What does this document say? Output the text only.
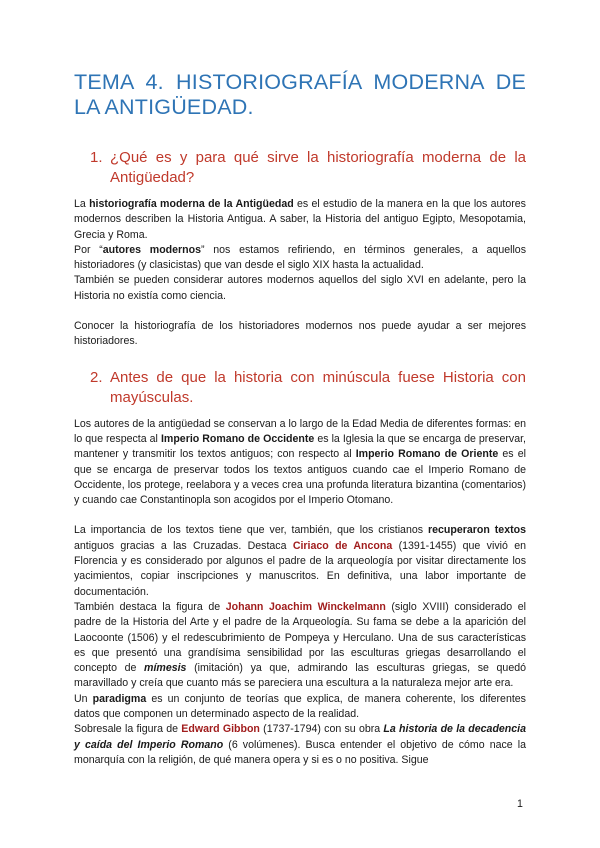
TEMA 4. HISTORIOGRAFÍA MODERNA DE LA ANTIGÜEDAD.
1. ¿Qué es y para qué sirve la historiografía moderna de la Antigüedad?

La historiografía moderna de la Antigüedad es el estudio de la manera en la que los autores modernos describen la Historia Antigua. A saber, la Historia del antiguo Egipto, Mesopotamia, Grecia y Roma.

Por “autores modernos” nos estamos refiriendo, en términos generales, a aquellos historiadores (y clasicistas) que van desde el siglo XIX hasta la actualidad.

También se pueden considerar autores modernos aquellos del siglo XVI en adelante, pero la Historia no existía como ciencia.

Conocer la historiografía de los historiadores modernos nos puede ayudar a ser mejores historiadores.

2. Antes de que la historia con minúscula fuese Historia con mayúsculas.

Los autores de la antigüedad se conservan a lo largo de la Edad Media de diferentes formas: en lo que respecta al Imperio Romano de Occidente es la Iglesia la que se encarga de preservar, mantener y transmitir los textos antiguos; con respecto al Imperio Romano de Oriente es el que se encarga de preservar todos los textos antiguos cuando cae el Imperio Romano de Occidente, los protege, reelabora y a veces crea una profunda literatura bizantina (comentarios) y cuando cae Constantinopla son acogidos por el Imperio Otomano.

La importancia de los textos tiene que ver, también, que los cristianos recuperaron textos antiguos gracias a las Cruzadas. Destaca Ciriaco de Ancona (1391-1455) que vivió en Florencia y es considerado por algunos el padre de la arqueología por visitar directamente los yacimientos, copiar inscripciones y manuscritos. En definitiva, una labor importante de documentación.

También destaca la figura de Johann Joachim Winckelmann (siglo XVIII) considerado el padre de la Historia del Arte y el padre de la Arqueología. Su fama se debe a la aparición del Laocoonte (1506) y el redescubrimiento de Pompeya y Herculano. Una de sus características es que presentó una grandísima sensibilidad por las esculturas griegas desarrollando el concepto de mímesis (imitación) ya que, admirando las esculturas griegas, se quedó maravillado y creía que cuanto más se pareciera una escultura a la naturaleza mejor arte era.

Un paradigma es un conjunto de teorías que explica, de manera coherente, los diferentes datos que componen un determinado aspecto de la realidad.

Sobresale la figura de Edward Gibbon (1737-1794) con su obra La historia de la decadencia y caída del Imperio Romano (6 volúmenes). Busca entender el objetivo de cómo nace la monarquía con la religión, de qué manera opera y si es o no positiva. Sigue

1
